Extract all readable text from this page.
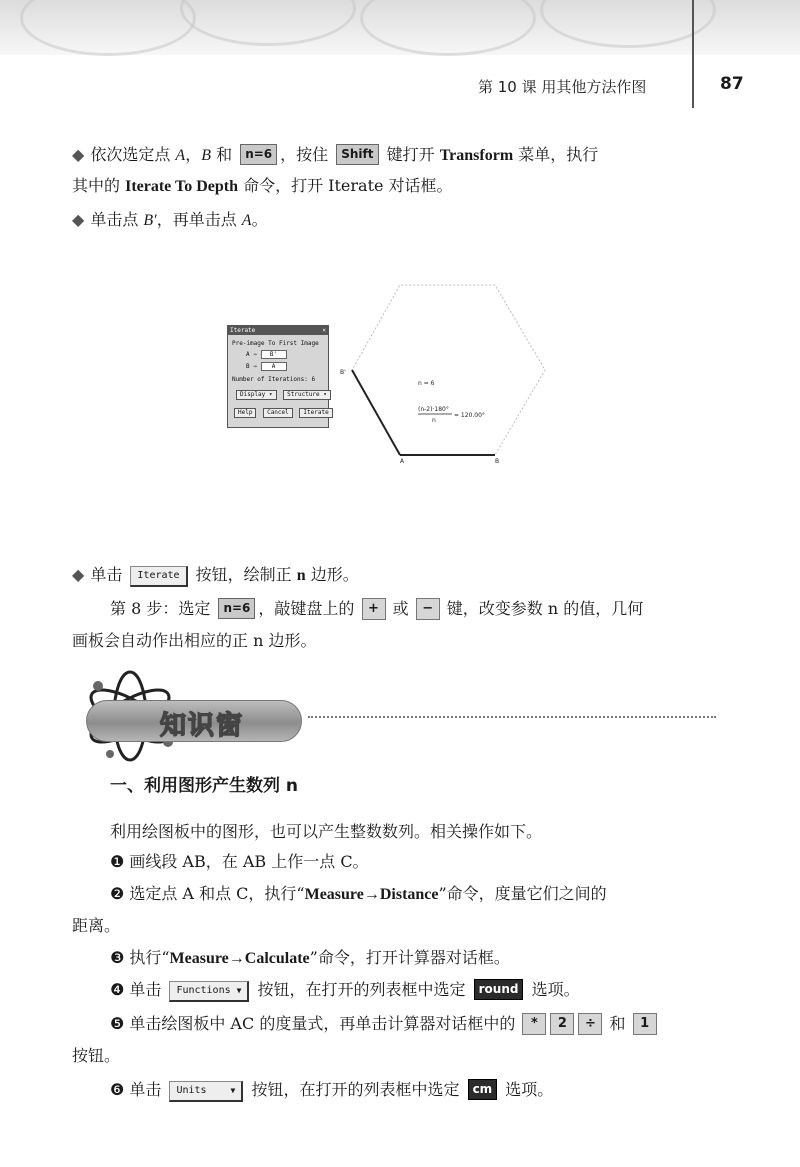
第 10 课 用其他方法作图	87
◆ 依次选定点 A，B 和 n=6 ，按住 Shift 键打开 Transform 菜单，执行
其中的 Iterate To Depth 命令，打开 Iterate 对话框。
◆ 单击点 B′，再单击点 A。
Iterate	×
Pre-image To First Image
A ⇒ B'
B ⇒ A
Number of Iterations: 6
Display ▾ Structure ▾
Help Cancel Iterate
B'
A	B
n = 6
(n-2)·180°
n
= 120.00°
◆ 单击 Iterate 按钮，绘制正 n 边形。
第 8 步：选定 n=6 ，敲键盘上的 + 或 − 键，改变参数 n 的值，几何
画板会自动作出相应的正 n 边形。
知识窗
一、利用图形产生数列 n
利用绘图板中的图形，也可以产生整数数列。相关操作如下。
❶ 画线段 AB，在 AB 上作一点 C。
❷ 选定点 A 和点 C，执行“Measure→Distance”命令，度量它们之间的
距离。
❸ 执行“Measure→Calculate”命令，打开计算器对话框。
❹ 单击 Functions ▼ 按钮，在打开的列表框中选定 round 选项。
❺ 单击绘图板中 AC 的度量式，再单击计算器对话框中的 * 2 ÷ 和 1
按钮。
❻ 单击 Units	▼ 按钮，在打开的列表框中选定 cm 选项。
